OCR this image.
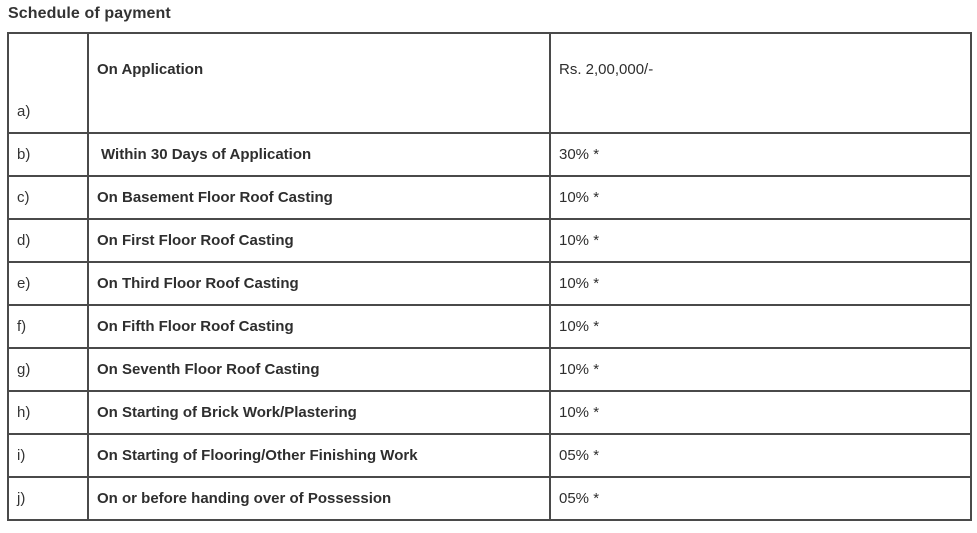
Schedule of payment
a)	On Application	Rs. 2,00,000/-
b)	Within 30 Days of Application	30% *
c)	On Basement Floor Roof Casting	10% *
d)	On First Floor Roof Casting	10% *
e)	On Third Floor Roof Casting	10% *
f)	On Fifth Floor Roof Casting	10% *
g)	On Seventh Floor Roof Casting	10% *
h)	On Starting of Brick Work/Plastering	10% *
i)	On Starting of Flooring/Other Finishing Work	05% *
j)	On or before handing over of Possession	05% *
